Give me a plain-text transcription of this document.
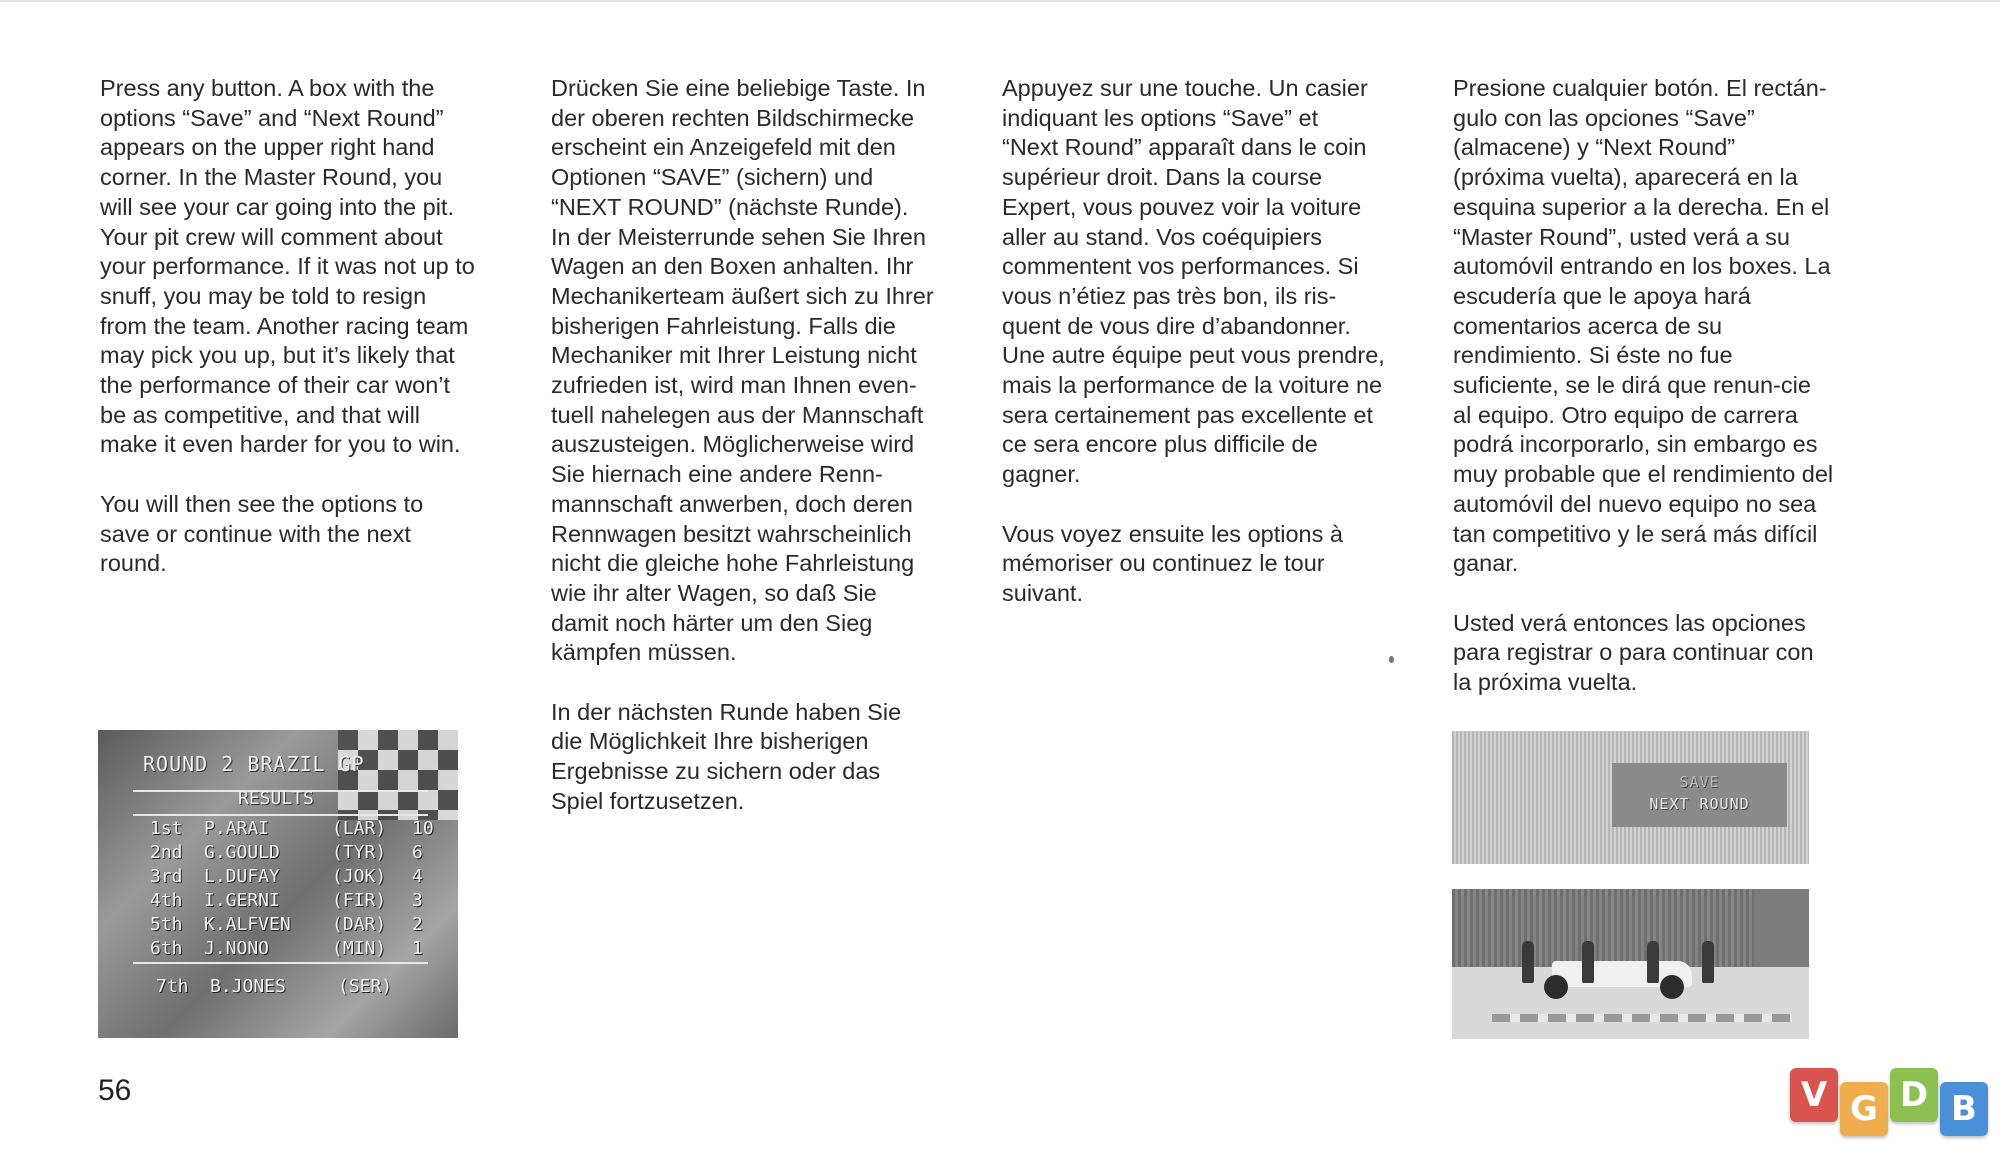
Press any button. A box with the
options “Save” and “Next Round”
appears on the upper right hand
corner. In the Master Round, you
will see your car going into the pit.
Your pit crew will comment about
your performance. If it was not up to
snuff, you may be told to resign
from the team. Another racing team
may pick you up, but it’s likely that
the performance of their car won’t
be as competitive, and that will
make it even harder for you to win.

You will then see the options to
save or continue with the next
round.

Drücken Sie eine beliebige Taste. In
der oberen rechten Bildschirmecke
erscheint ein Anzeigefeld mit den
Optionen “SAVE” (sichern) und
“NEXT ROUND” (nächste Runde).
In der Meisterrunde sehen Sie Ihren
Wagen an den Boxen anhalten. Ihr
Mechanikerteam äußert sich zu Ihrer
bisherigen Fahrleistung. Falls die
Mechaniker mit Ihrer Leistung nicht
zufrieden ist, wird man Ihnen even-
tuell nahelegen aus der Mannschaft
auszusteigen. Möglicherweise wird
Sie hiernach eine andere Renn-
mannschaft anwerben, doch deren
Rennwagen besitzt wahrscheinlich
nicht die gleiche hohe Fahrleistung
wie ihr alter Wagen, so daß Sie
damit noch härter um den Sieg
kämpfen müssen.

In der nächsten Runde haben Sie
die Möglichkeit Ihre bisherigen
Ergebnisse zu sichern oder das
Spiel fortzusetzen.

Appuyez sur une touche. Un casier
indiquant les options “Save” et
“Next Round” apparaît dans le coin
supérieur droit. Dans la course
Expert, vous pouvez voir la voiture
aller au stand. Vos coéquipiers
commentent vos performances. Si
vous n’étiez pas très bon, ils ris-
quent de vous dire d’abandonner.
Une autre équipe peut vous prendre,
mais la performance de la voiture ne
sera certainement pas excellente et
ce sera encore plus difficile de
gagner.

Vous voyez ensuite les options à
mémoriser ou continuez le tour
suivant.

Presione cualquier botón. El rectán-
gulo con las opciones “Save”
(almacene) y “Next Round”
(próxima vuelta), aparecerá en la
esquina superior a la derecha. En el
“Master Round”, usted verá a su
automóvil entrando en los boxes. La
escudería que le apoya hará
comentarios acerca de su
rendimiento. Si éste no fue
suficiente, se le dirá que renun-cie
al equipo. Otro equipo de carrera
podrá incorporarlo, sin embargo es
muy probable que el rendimiento del
automóvil del nuevo equipo no sea
tan competitivo y le será más difícil
ganar.

Usted verá entonces las opciones
para registrar o para continuar con
la próxima vuelta.

ROUND 2 BRAZIL GP
RESULTS
1st P.ARAI	(LAR) 10
2nd G.GOULD	(TYR) 6
3rd L.DUFAY	(JOK) 4
4th I.GERNI	(FIR) 3
5th K.ALFVEN (DAR) 2
6th J.NONO	(MIN) 1
7th B.JONES	(SER)
SAVE
NEXT ROUND
56	V G D B
